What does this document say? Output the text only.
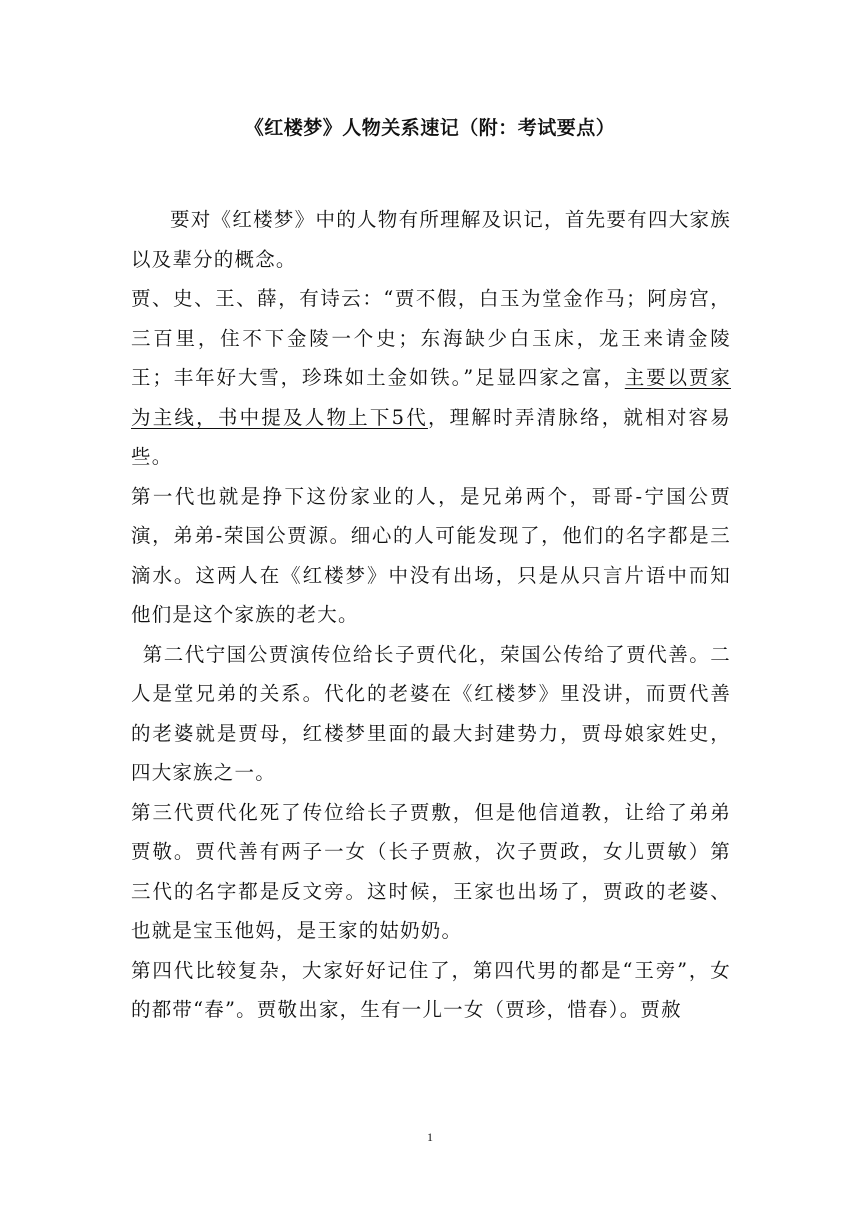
《红楼梦》人物关系速记（附：考试要点）

要对《红楼梦》中的人物有所理解及识记，首先要有四大家族以及辈分的概念。

贾、史、王、薛，有诗云：“贾不假，白玉为堂金作马；阿房宫，三百里，住不下金陵一个史；东海缺少白玉床，龙王来请金陵王；丰年好大雪，珍珠如土金如铁。”足显四家之富，主要以贾家为主线，书中提及人物上下5代，理解时弄清脉络，就相对容易些。

第一代也就是挣下这份家业的人，是兄弟两个，哥哥-宁国公贾演，弟弟-荣国公贾源。细心的人可能发现了，他们的名字都是三滴水。这两人在《红楼梦》中没有出场，只是从只言片语中而知他们是这个家族的老大。

第二代宁国公贾演传位给长子贾代化，荣国公传给了贾代善。二人是堂兄弟的关系。代化的老婆在《红楼梦》里没讲，而贾代善的老婆就是贾母，红楼梦里面的最大封建势力，贾母娘家姓史，四大家族之一。

第三代贾代化死了传位给长子贾敷，但是他信道教，让给了弟弟贾敬。贾代善有两子一女（长子贾赦，次子贾政，女儿贾敏）第三代的名字都是反文旁。这时候，王家也出场了，贾政的老婆、也就是宝玉他妈，是王家的姑奶奶。

第四代比较复杂，大家好好记住了，第四代男的都是“王旁”，女的都带“春”。贾敬出家，生有一儿一女（贾珍，惜春）。贾赦

1
